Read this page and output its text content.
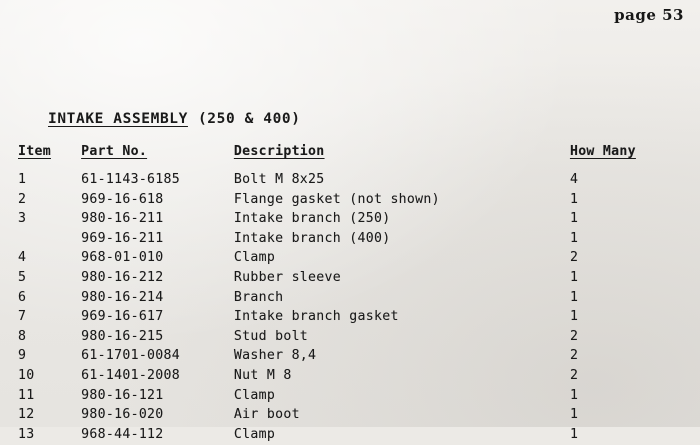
page 53
INTAKE ASSEMBLY (250 & 400)
Item	Part No.	Description	How Many
1	61-1143-6185	Bolt M 8x25	4
2	969-16-618	Flange gasket (not shown)	1
3	980-16-211	Intake branch (250)	1
	969-16-211	Intake branch (400)	1
4	968-01-010	Clamp	2
5	980-16-212	Rubber sleeve	1
6	980-16-214	Branch	1
7	969-16-617	Intake branch gasket	1
8	980-16-215	Stud bolt	2
9	61-1701-0084	Washer 8,4	2
10	61-1401-2008	Nut M 8	2
11	980-16-121	Clamp	1
12	980-16-020	Air boot	1
13	968-44-112	Clamp	1
